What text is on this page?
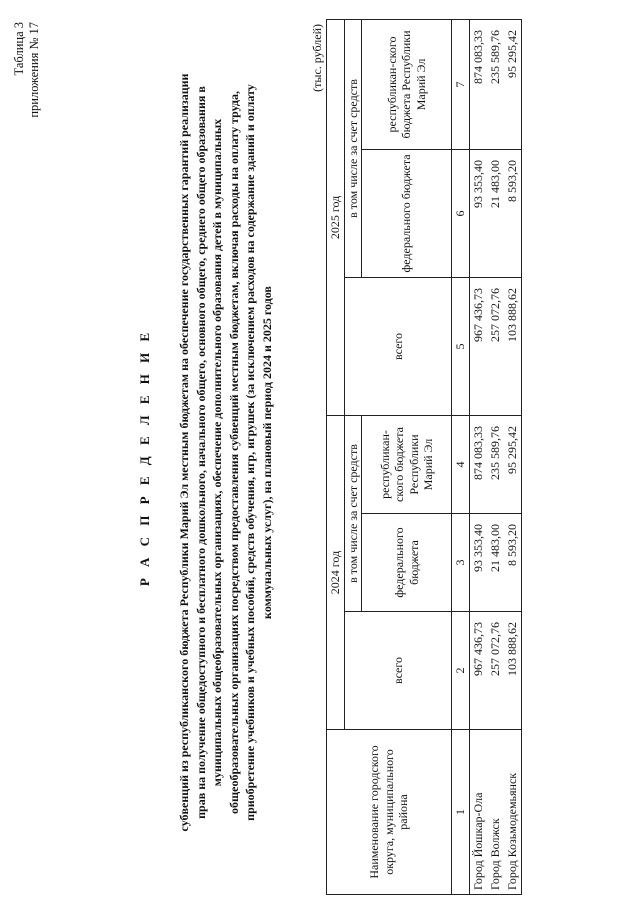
Таблица 3 приложения № 17
Р А С П Р Е Д Е Л Е Н И Е субвенций из республиканского бюджета Республики Марий Эл местным бюджетам на обеспечение государственных гарантий реализации прав на получение общедоступного и бесплатного дошкольного, начального общего, основного общего, среднего общего образования в муниципальных общеобразовательных организациях, обеспечение дополнительного образования детей в муниципальных общеобразовательных организациях посредством предоставления субвенций местным бюджетам, включая расходы на оплату труда, приобретение учебников и учебных пособий, средств обучения, игр, игрушек (за исключением расходов на содержание зданий и оплату коммунальных услуг), на плановый период 2024 и 2025 годов
(тыс. рублей)
Наименование городского округа, муниципального района	2024 год			2025 год		
	всего	в том числе за счет средств		всего	в том числе за счет средств	
		федерального бюджета	республикан-ского бюджета Республики Марий Эл		федерального бюджета	республикан-ского бюджета Республики Марий Эл
1	2	3	4	5	6	7
Город Йошкар-Ола	967 436,73	93 353,40	874 083,33	967 436,73	93 353,40	874 083,33
Город Волжск	257 072,76	21 483,00	235 589,76	257 072,76	21 483,00	235 589,76
Город Козьмодемьянск	103 888,62	8 593,20	95 295,42	103 888,62	8 593,20	95 295,42
